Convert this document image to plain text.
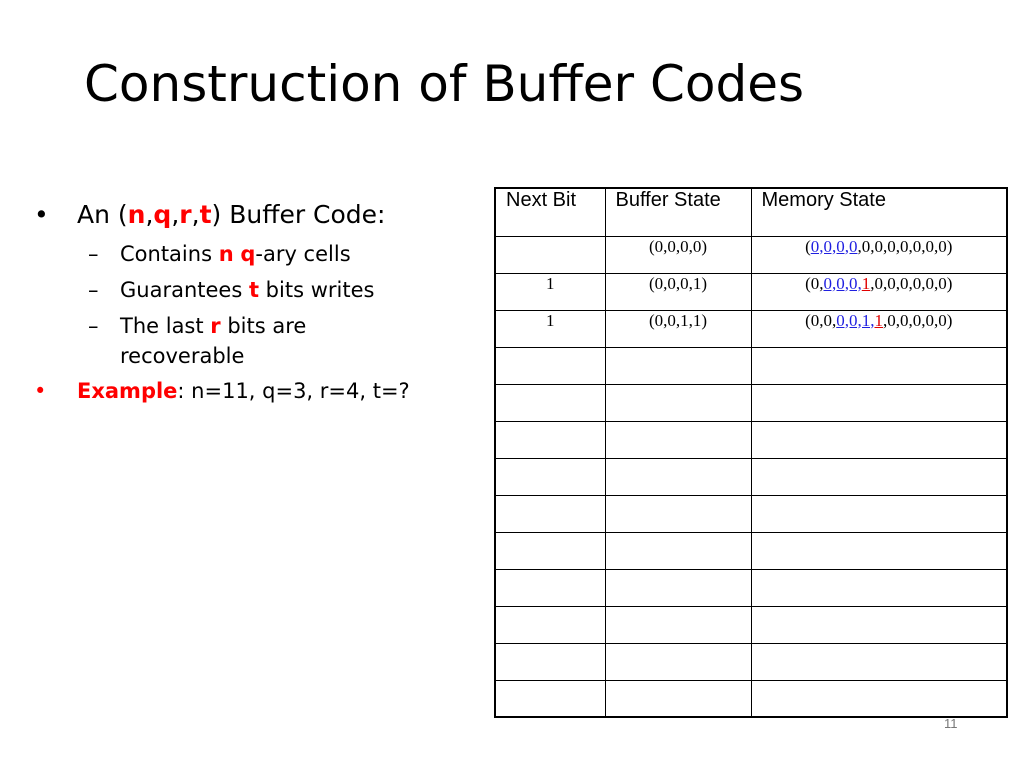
Construction of Buffer Codes
• An (n,q,r,t) Buffer Code:
– Contains n q-ary cells
– Guarantees t bits writes
– The last r bits are recoverable
• Example: n=11, q=3, r=4, t=?
Next Bit	Buffer State	Memory State
	(0,0,0,0)	(0,0,0,0,0,0,0,0,0,0,0)
1	(0,0,0,1)	(0,0,0,0,1,0,0,0,0,0,0)
1	(0,0,1,1)	(0,0,0,0,1,1,0,0,0,0,0)

11
